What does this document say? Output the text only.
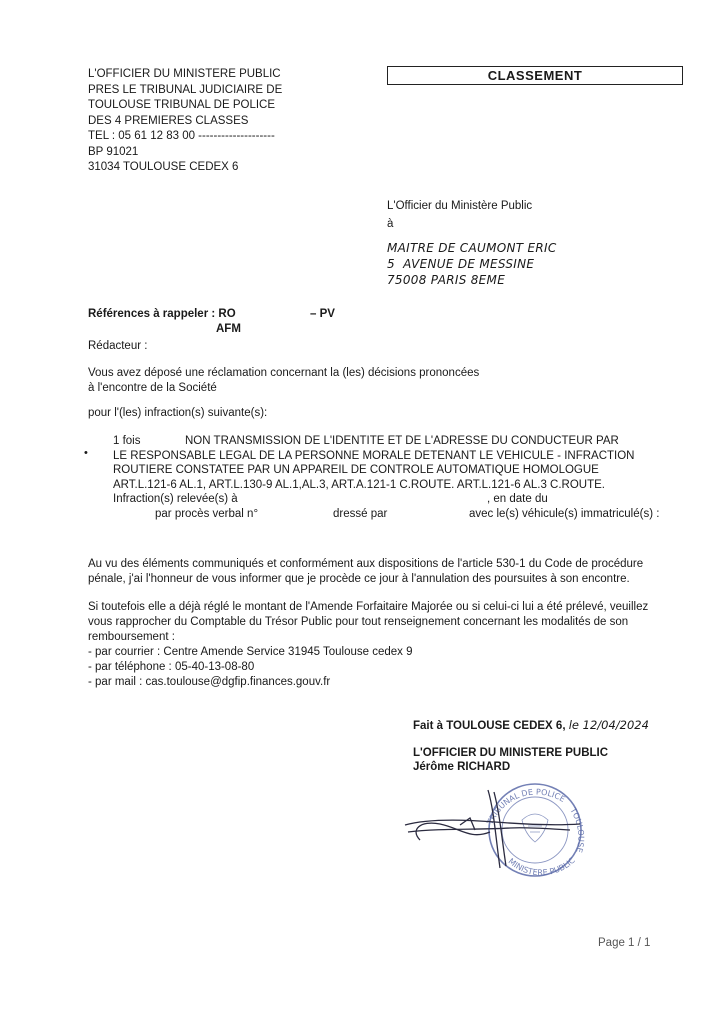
L'OFFICIER DU MINISTERE PUBLIC
PRES LE TRIBUNAL JUDICIAIRE DE
TOULOUSE TRIBUNAL DE POLICE
DES 4 PREMIERES CLASSES
TEL : 05 61 12 83 00 --------------------
BP 91021
31034 TOULOUSE CEDEX 6
CLASSEMENT
L'Officier du Ministère Public
à
MAITRE DE CAUMONT ERIC
5  AVENUE DE MESSINE
75008 PARIS 8EME
Références à rappeler : RO	– PV
AFM
Rédacteur :
Vous avez déposé une réclamation concernant la (les) décisions prononcées
à l'encontre de la Société
pour l'(les) infraction(s) suivante(s):
•
1 fois	NON TRANSMISSION DE L'IDENTITE ET DE L'ADRESSE DU CONDUCTEUR PAR
LE RESPONSABLE LEGAL DE LA PERSONNE MORALE DETENANT LE VEHICULE - INFRACTION
ROUTIERE CONSTATEE PAR UN APPAREIL DE CONTROLE AUTOMATIQUE HOMOLOGUE
ART.L.121-6 AL.1, ART.L.130-9 AL.1,AL.3, ART.A.121-1 C.ROUTE. ART.L.121-6 AL.3 C.ROUTE.
Infraction(s) relevée(s) à	, en date du
par procès verbal n°	dressé par	avec le(s) véhicule(s) immatriculé(s) :
Au vu des éléments communiqués et conformément aux dispositions de l'article 530-1 du Code de procédure
pénale, j'ai l'honneur de vous informer que je procède ce jour à l'annulation des poursuites à son encontre.
Si toutefois elle a déjà réglé le montant de l'Amende Forfaitaire Majorée ou si celui-ci lui a été prélevé, veuillez
vous rapprocher du Comptable du Trésor Public pour tout renseignement concernant les modalités de son
remboursement :
- par courrier : Centre Amende Service 31945 Toulouse cedex 9
- par téléphone : 05-40-13-08-80
- par mail : cas.toulouse@dgfip.finances.gouv.fr
Fait à TOULOUSE CEDEX 6, le 12/04/2024
L'OFFICIER DU MINISTERE PUBLIC
Jérôme RICHARD
TRIBUNAL DE POLICE
TOULOUSE
MINISTERE PUBLIC
Page 1 / 1
